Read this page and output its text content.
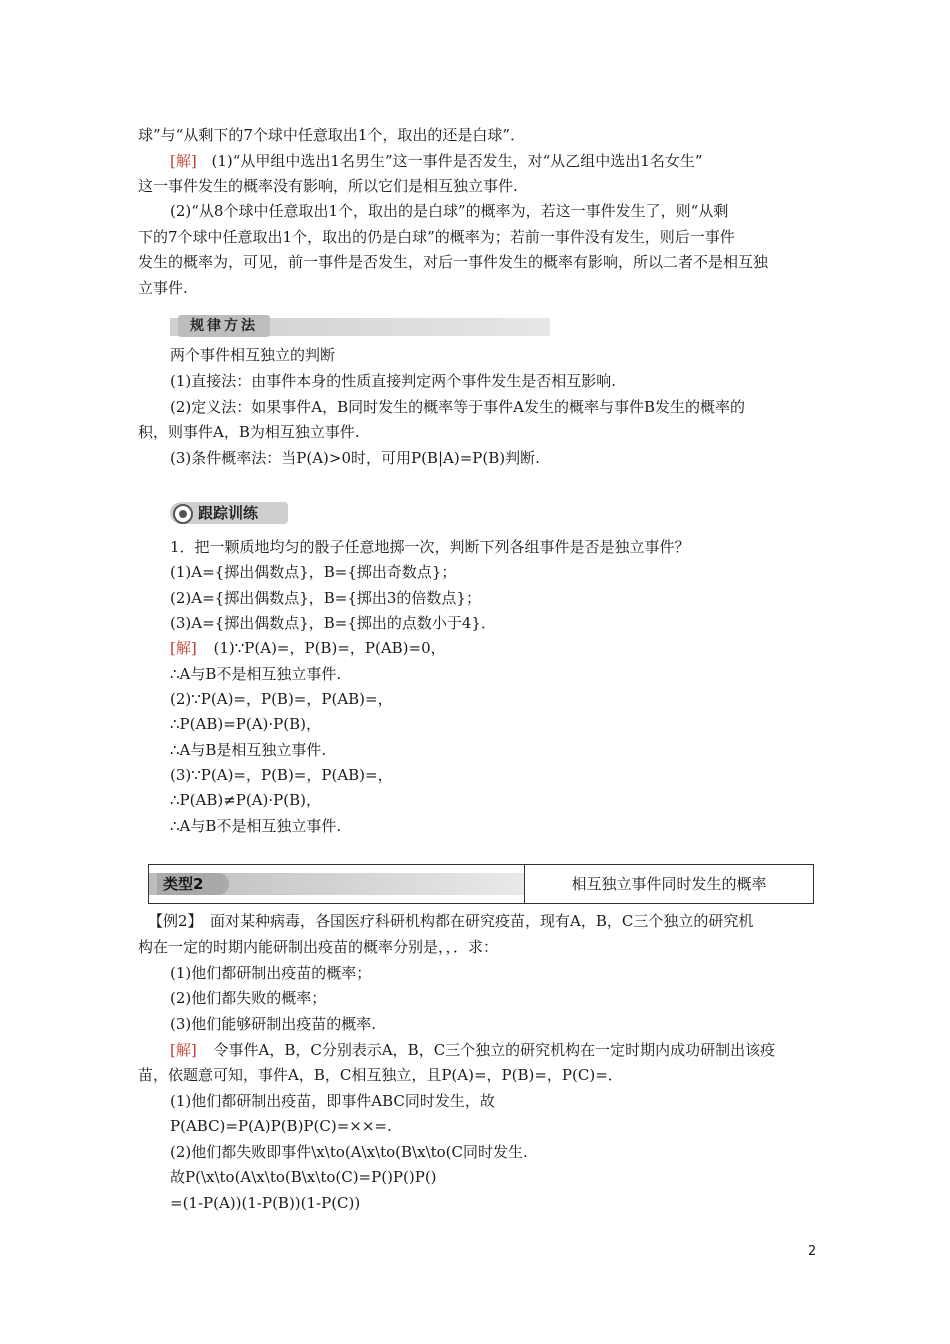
球”与“从剩下的7个球中任意取出1个，取出的还是白球”．
[解] (1)“从甲组中选出1名男生”这一事件是否发生，对“从乙组中选出1名女生”
这一事件发生的概率没有影响，所以它们是相互独立事件.
(2)“从8个球中任意取出1个，取出的是白球”的概率为，若这一事件发生了，则“从剩
下的7个球中任意取出1个，取出的仍是白球”的概率为；若前一事件没有发生，则后一事件
发生的概率为，可见，前一事件是否发生，对后一事件发生的概率有影响，所以二者不是相互独
立事件.
规律方法
两个事件相互独立的判断
(1)直接法：由事件本身的性质直接判定两个事件发生是否相互影响.
(2)定义法：如果事件A，B同时发生的概率等于事件A发生的概率与事件B发生的概率的
积，则事件A，B为相互独立事件.
(3)条件概率法：当P(A)>0时，可用P(B|A)=P(B)判断.
跟踪训练
1．把一颗质地均匀的骰子任意地掷一次，判断下列各组事件是否是独立事件？
(1)A={掷出偶数点}，B={掷出奇数点}；
(2)A={掷出偶数点}，B={掷出3的倍数点}；
(3)A={掷出偶数点}，B={掷出的点数小于4}．
[解] (1)∵P(A)=，P(B)=，P(AB)=0，
∴A与B不是相互独立事件.
(2)∵P(A)=，P(B)=，P(AB)=，
∴P(AB)=P(A)·P(B)，
∴A与B是相互独立事件.
(3)∵P(A)=，P(B)=，P(AB)=，
∴P(AB)≠P(A)·P(B)，
∴A与B不是相互独立事件.
类型2	相互独立事件同时发生的概率
【例2】　面对某种病毒，各国医疗科研机构都在研究疫苗，现有A，B，C三个独立的研究机
构在一定的时期内能研制出疫苗的概率分别是，，．求：
(1)他们都研制出疫苗的概率；
(2)他们都失败的概率；
(3)他们能够研制出疫苗的概率.
[解] 令事件A，B，C分别表示A，B，C三个独立的研究机构在一定时期内成功研制出该疫
苗，依题意可知，事件A，B，C相互独立，且P(A)=，P(B)=，P(C)=．
(1)他们都研制出疫苗，即事件ABC同时发生，故
P(ABC)=P(A)P(B)P(C)=××=.
(2)他们都失败即事件\x\to(A\x\to(B\x\to(C同时发生.
故P(\x\to(A\x\to(B\x\to(C)=P()P()P()
=(1-P(A))(1-P(B))(1-P(C))
2
